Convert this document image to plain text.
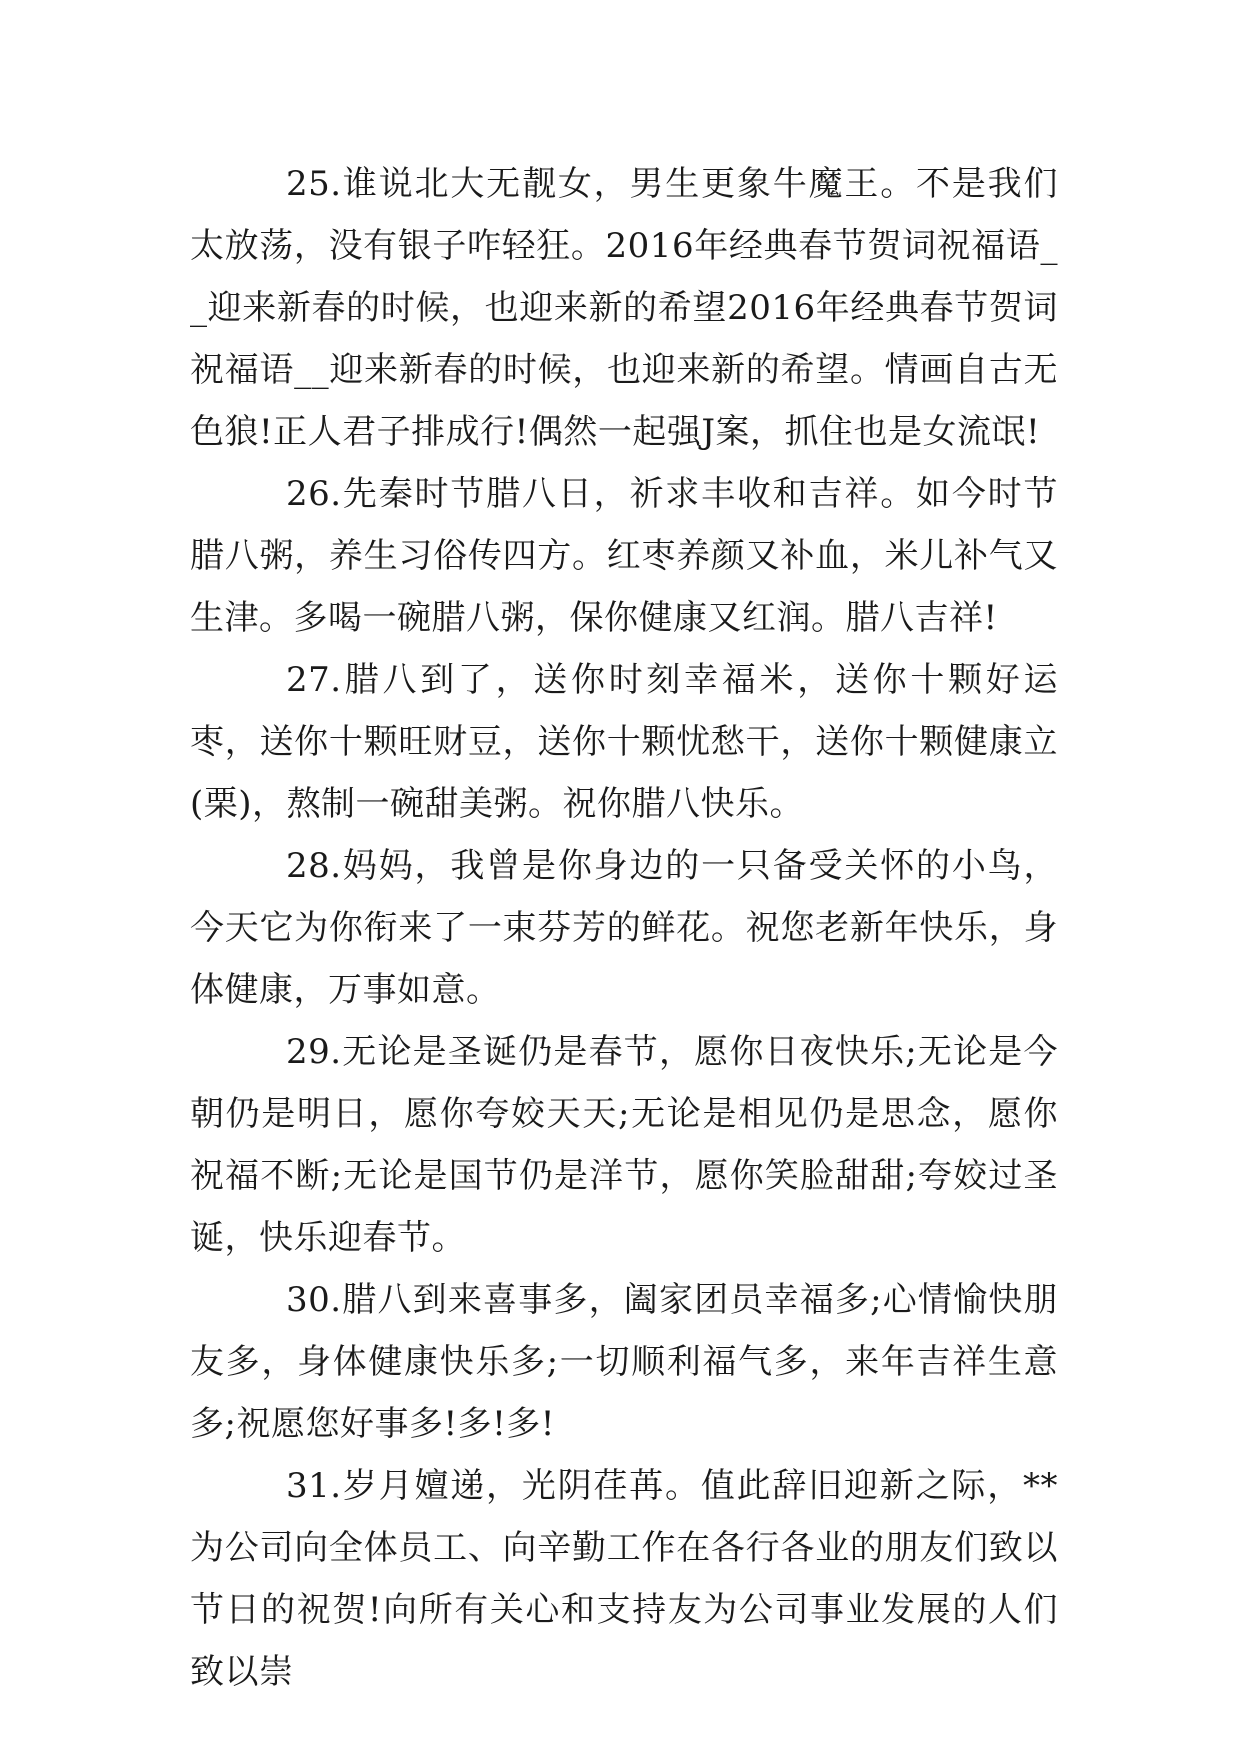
25.谁说北大无靓女，男生更象牛魔王。不是我们太放荡，没有银子咋轻狂。2016年经典春节贺词祝福语__迎来新春的时候，也迎来新的希望2016年经典春节贺词祝福语__迎来新春的时候，也迎来新的希望。情画自古无色狼!正人君子排成行!偶然一起强J案，抓住也是女流氓!

26.先秦时节腊八日，祈求丰收和吉祥。如今时节腊八粥，养生习俗传四方。红枣养颜又补血，米儿补气又生津。多喝一碗腊八粥，保你健康又红润。腊八吉祥!

27.腊八到了，送你时刻幸福米，送你十颗好运枣，送你十颗旺财豆，送你十颗忧愁干，送你十颗健康立(栗)，熬制一碗甜美粥。祝你腊八快乐。

28.妈妈，我曾是你身边的一只备受关怀的小鸟，今天它为你衔来了一束芬芳的鲜花。祝您老新年快乐，身体健康，万事如意。

29.无论是圣诞仍是春节，愿你日夜快乐;无论是今朝仍是明日，愿你夸姣天天;无论是相见仍是思念，愿你祝福不断;无论是国节仍是洋节，愿你笑脸甜甜;夸姣过圣诞，快乐迎春节。

30.腊八到来喜事多，阖家团员幸福多;心情愉快朋友多，身体健康快乐多;一切顺利福气多，来年吉祥生意多;祝愿您好事多!多!多!

31.岁月嬗递，光阴荏苒。值此辞旧迎新之际，**为公司向全体员工、向辛勤工作在各行各业的朋友们致以节日的祝贺!向所有关心和支持友为公司事业发展的人们致以崇
